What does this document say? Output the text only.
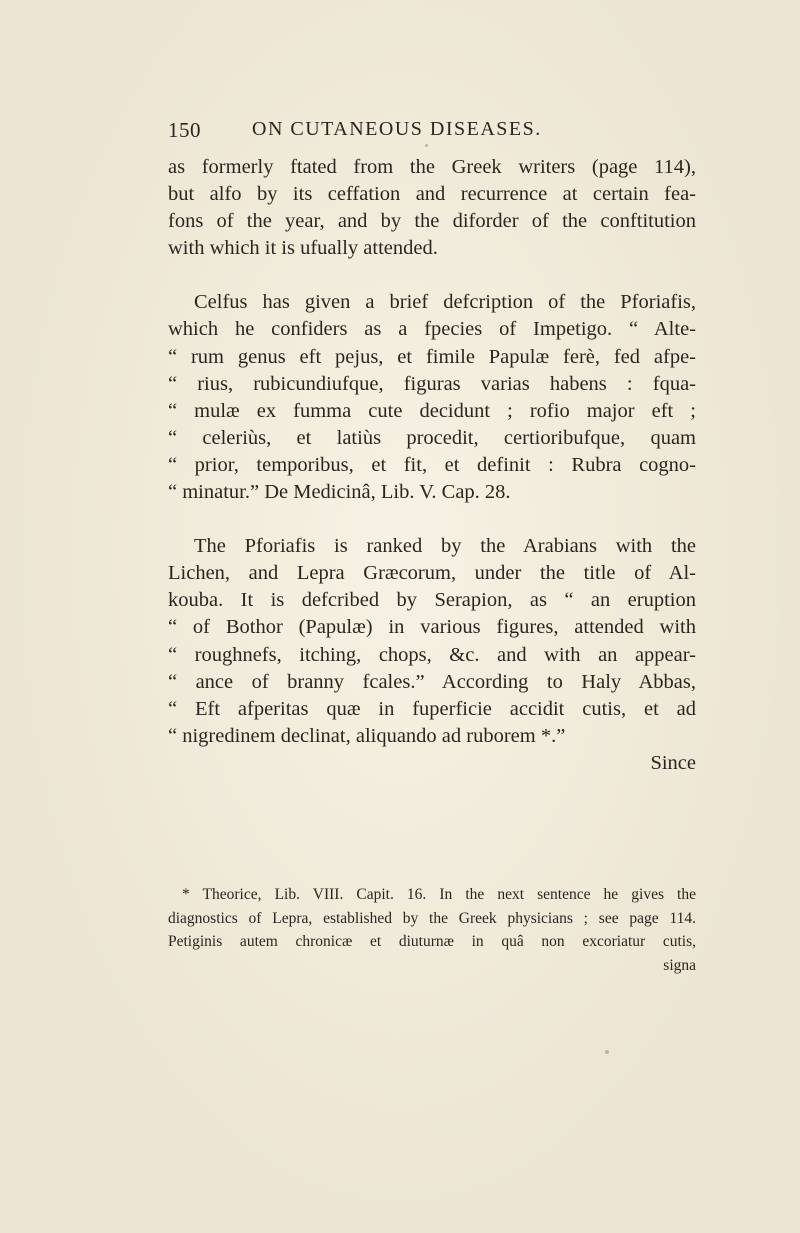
150	ON CUTANEOUS DISEASES.

as formerly ftated from the Greek writers (page 114),
but alfo by its ceffation and recurrence at certain fea-
fons of the year, and by the diforder of the conftitution
with which it is ufually attended.

Celfus has given a brief defcription of the Pforiafis,
which he confiders as a fpecies of Impetigo. “ Alte-
“ rum genus eft pejus, et fimile Papulæ ferè, fed afpe-
“ rius, rubicundiufque, figuras varias habens : fqua-
“ mulæ ex fumma cute decidunt ; rofio major eft ;
“ celeriùs, et latiùs procedit, certioribufque, quam
“ prior, temporibus, et fit, et definit : Rubra cogno-
“ minatur.” De Medicinâ, Lib. V. Cap. 28.

The Pforiafis is ranked by the Arabians with the
Lichen, and Lepra Græcorum, under the title of Al-
kouba. It is defcribed by Serapion, as “ an eruption
“ of Bothor (Papulæ) in various figures, attended with
“ roughnefs, itching, chops, &c. and with an appear-
“ ance of branny fcales.” According to Haly Abbas,
“ Eft afperitas quæ in fuperficie accidit cutis, et ad
“ nigredinem declinat, aliquando ad ruborem *.”
Since

* Theorice, Lib. VIII. Capit. 16. In the next sentence he gives the
diagnostics of Lepra, established by the Greek physicians ; see page 114.
Petiginis autem chronicæ et diuturnæ in quâ non excoriatur cutis,
signa
